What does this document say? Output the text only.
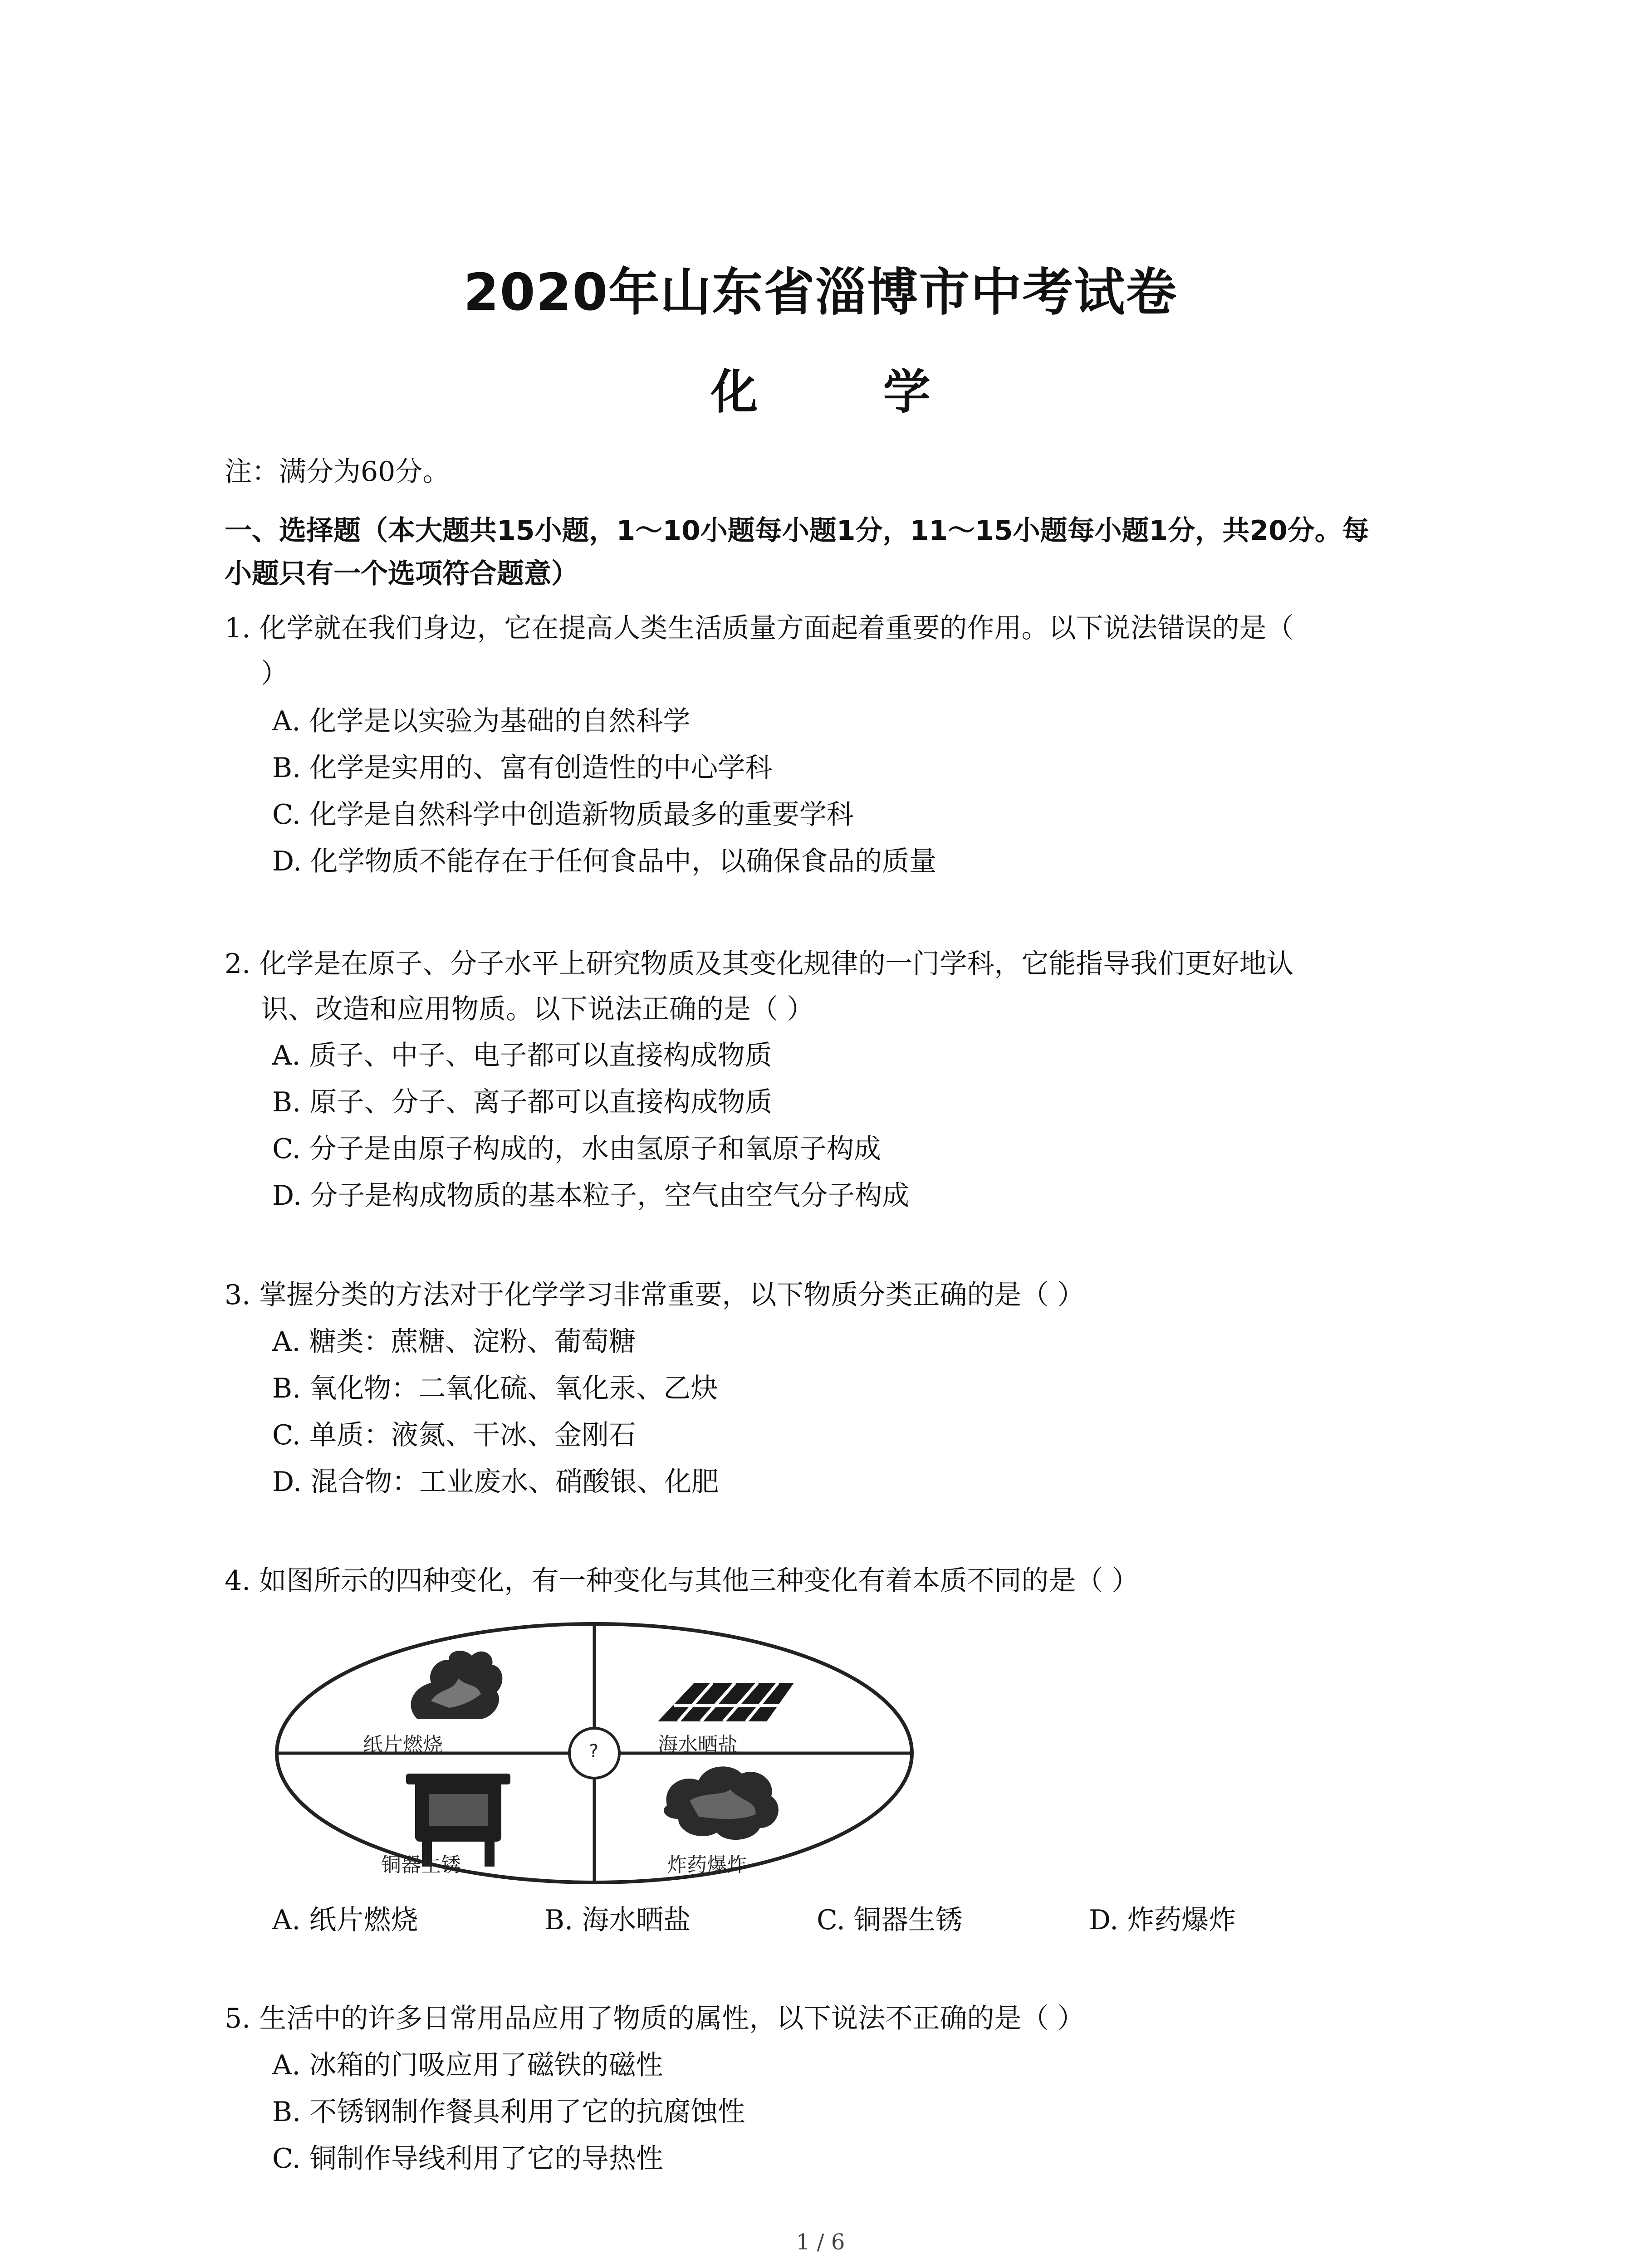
2020年山东省淄博市中考试卷
化 学
注：满分为60分。
一、选择题（本大题共15小题，1～10小题每小题1分，11～15小题每小题1分，共20分。每
小题只有一个选项符合题意）
1. 化学就在我们身边，它在提高人类生活质量方面起着重要的作用。以下说法错误的是（
）
A. 化学是以实验为基础的自然科学
B. 化学是实用的、富有创造性的中心学科
C. 化学是自然科学中创造新物质最多的重要学科
D. 化学物质不能存在于任何食品中，以确保食品的质量
2. 化学是在原子、分子水平上研究物质及其变化规律的一门学科，它能指导我们更好地认
识、改造和应用物质。以下说法正确的是（ ）
A. 质子、中子、电子都可以直接构成物质
B. 原子、分子、离子都可以直接构成物质
C. 分子是由原子构成的，水由氢原子和氧原子构成
D. 分子是构成物质的基本粒子，空气由空气分子构成
3. 掌握分类的方法对于化学学习非常重要，以下物质分类正确的是（ ）
A. 糖类：蔗糖、淀粉、葡萄糖
B. 氧化物：二氧化硫、氧化汞、乙炔
C. 单质：液氮、干冰、金刚石
D. 混合物：工业废水、硝酸银、化肥
4. 如图所示的四种变化，有一种变化与其他三种变化有着本质不同的是（ ）
纸片燃烧	海水晒盐
铜器生锈	炸药爆炸
?
A. 纸片燃烧	B. 海水晒盐	C. 铜器生锈	D. 炸药爆炸
5. 生活中的许多日常用品应用了物质的属性，以下说法不正确的是（ ）
A. 冰箱的门吸应用了磁铁的磁性
B. 不锈钢制作餐具利用了它的抗腐蚀性
C. 铜制作导线利用了它的导热性
1 / 6
